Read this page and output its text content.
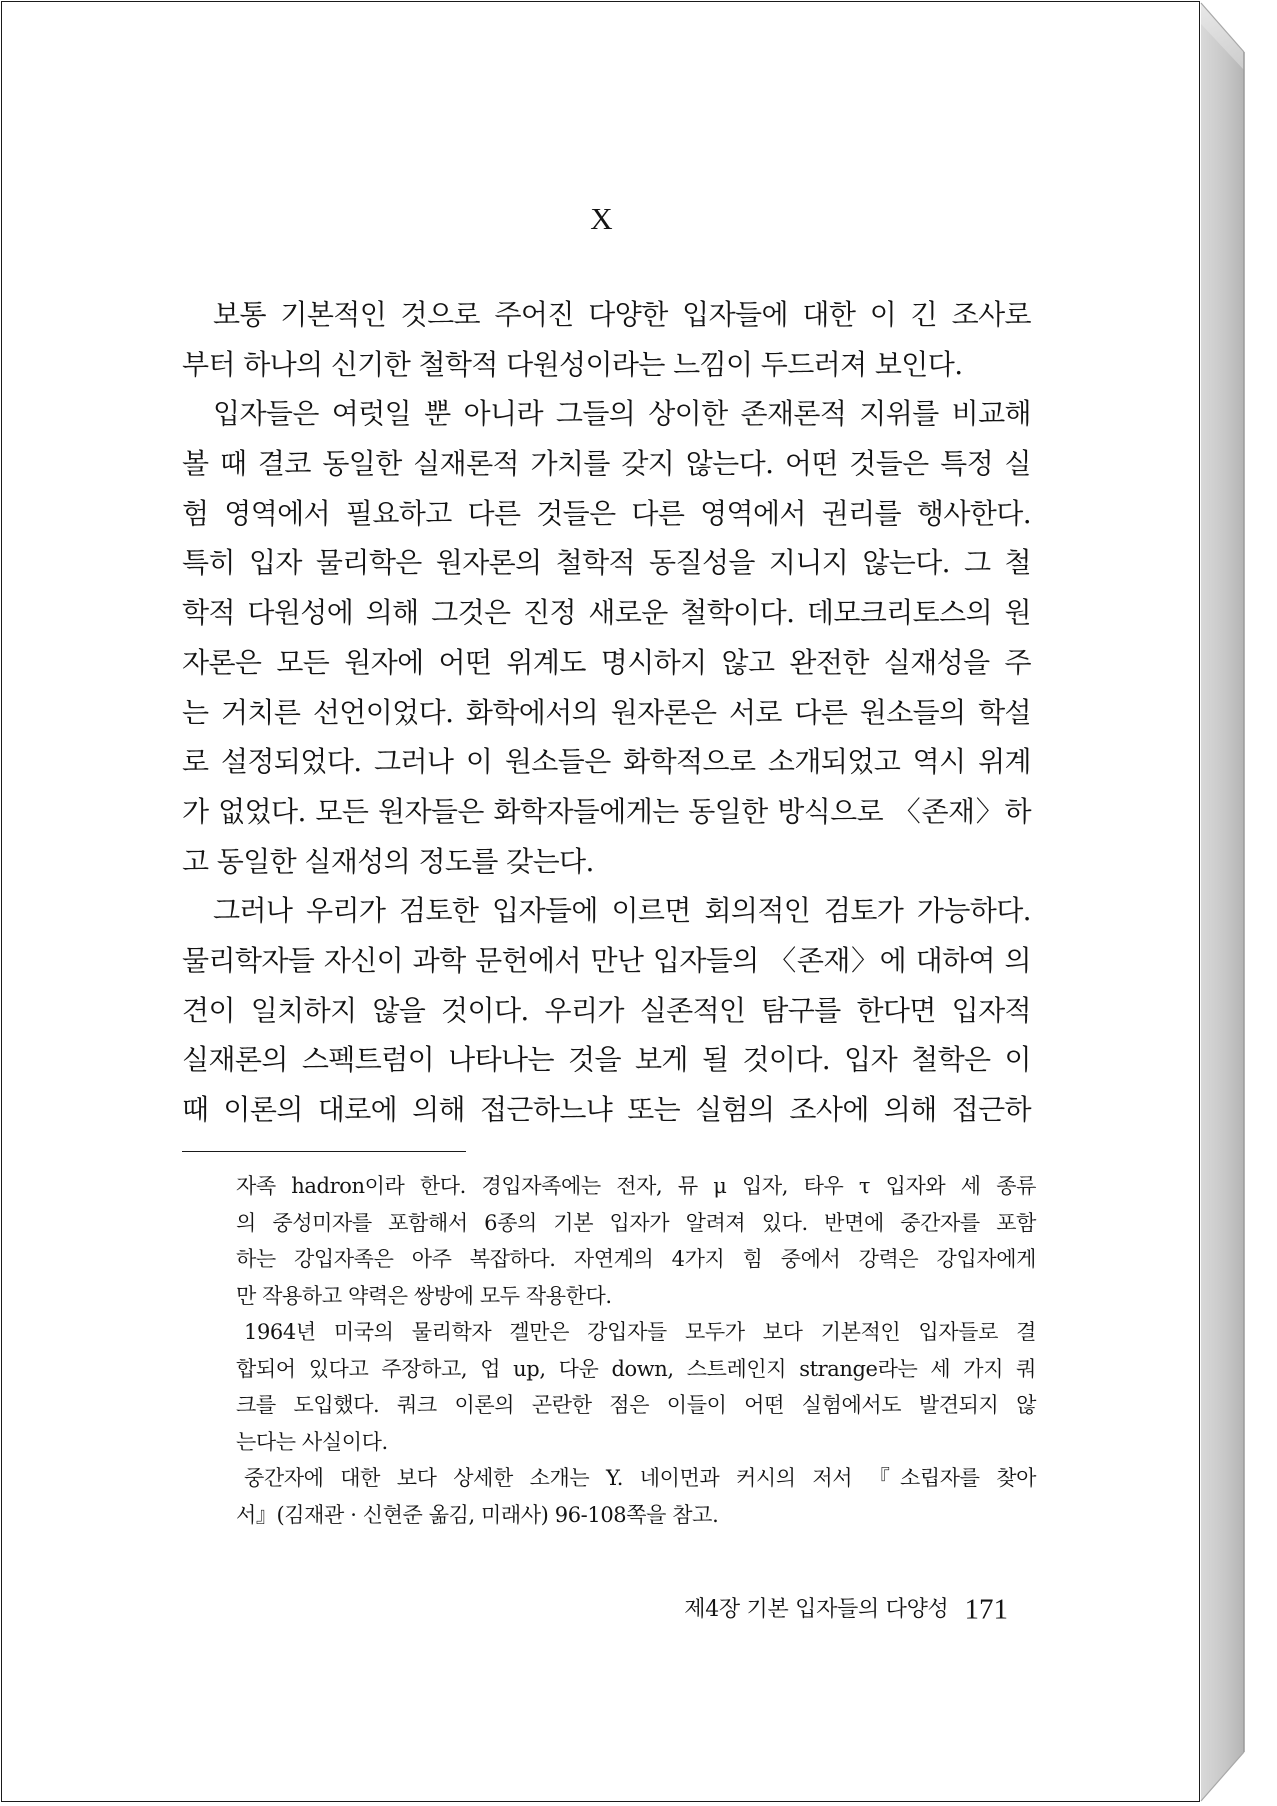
X
보통 기본적인 것으로 주어진 다양한 입자들에 대한 이 긴 조사로
부터 하나의 신기한 철학적 다원성이라는 느낌이 두드러져 보인다.
입자들은 여럿일 뿐 아니라 그들의 상이한 존재론적 지위를 비교해
볼 때 결코 동일한 실재론적 가치를 갖지 않는다. 어떤 것들은 특정 실
험 영역에서 필요하고 다른 것들은 다른 영역에서 권리를 행사한다.
특히 입자 물리학은 원자론의 철학적 동질성을 지니지 않는다. 그 철
학적 다원성에 의해 그것은 진정 새로운 철학이다. 데모크리토스의 원
자론은 모든 원자에 어떤 위계도 명시하지 않고 완전한 실재성을 주
는 거치른 선언이었다. 화학에서의 원자론은 서로 다른 원소들의 학설
로 설정되었다. 그러나 이 원소들은 화학적으로 소개되었고 역시 위계
가 없었다. 모든 원자들은 화학자들에게는 동일한 방식으로 〈존재〉하
고 동일한 실재성의 정도를 갖는다.
그러나 우리가 검토한 입자들에 이르면 회의적인 검토가 가능하다.
물리학자들 자신이 과학 문헌에서 만난 입자들의 〈존재〉에 대하여 의
견이 일치하지 않을 것이다. 우리가 실존적인 탐구를 한다면 입자적
실재론의 스펙트럼이 나타나는 것을 보게 될 것이다. 입자 철학은 이
때 이론의 대로에 의해 접근하느냐 또는 실험의 조사에 의해 접근하
자족 hadron이라 한다. 경입자족에는 전자, 뮤 μ 입자, 타우 τ 입자와 세 종류
의 중성미자를 포함해서 6종의 기본 입자가 알려져 있다. 반면에 중간자를 포함
하는 강입자족은 아주 복잡하다. 자연계의 4가지 힘 중에서 강력은 강입자에게
만 작용하고 약력은 쌍방에 모두 작용한다.
1964년 미국의 물리학자 겔만은 강입자들 모두가 보다 기본적인 입자들로 결
합되어 있다고 주장하고, 업 up, 다운 down, 스트레인지 strange라는 세 가지 쿼
크를 도입했다. 쿼크 이론의 곤란한 점은 이들이 어떤 실험에서도 발견되지 않
는다는 사실이다.
중간자에 대한 보다 상세한 소개는 Y. 네이먼과 커시의 저서 『소립자를 찾아
서』(김재관 · 신현준 옮김, 미래사) 96-108쪽을 참고.
제4장 기본 입자들의 다양성 171
